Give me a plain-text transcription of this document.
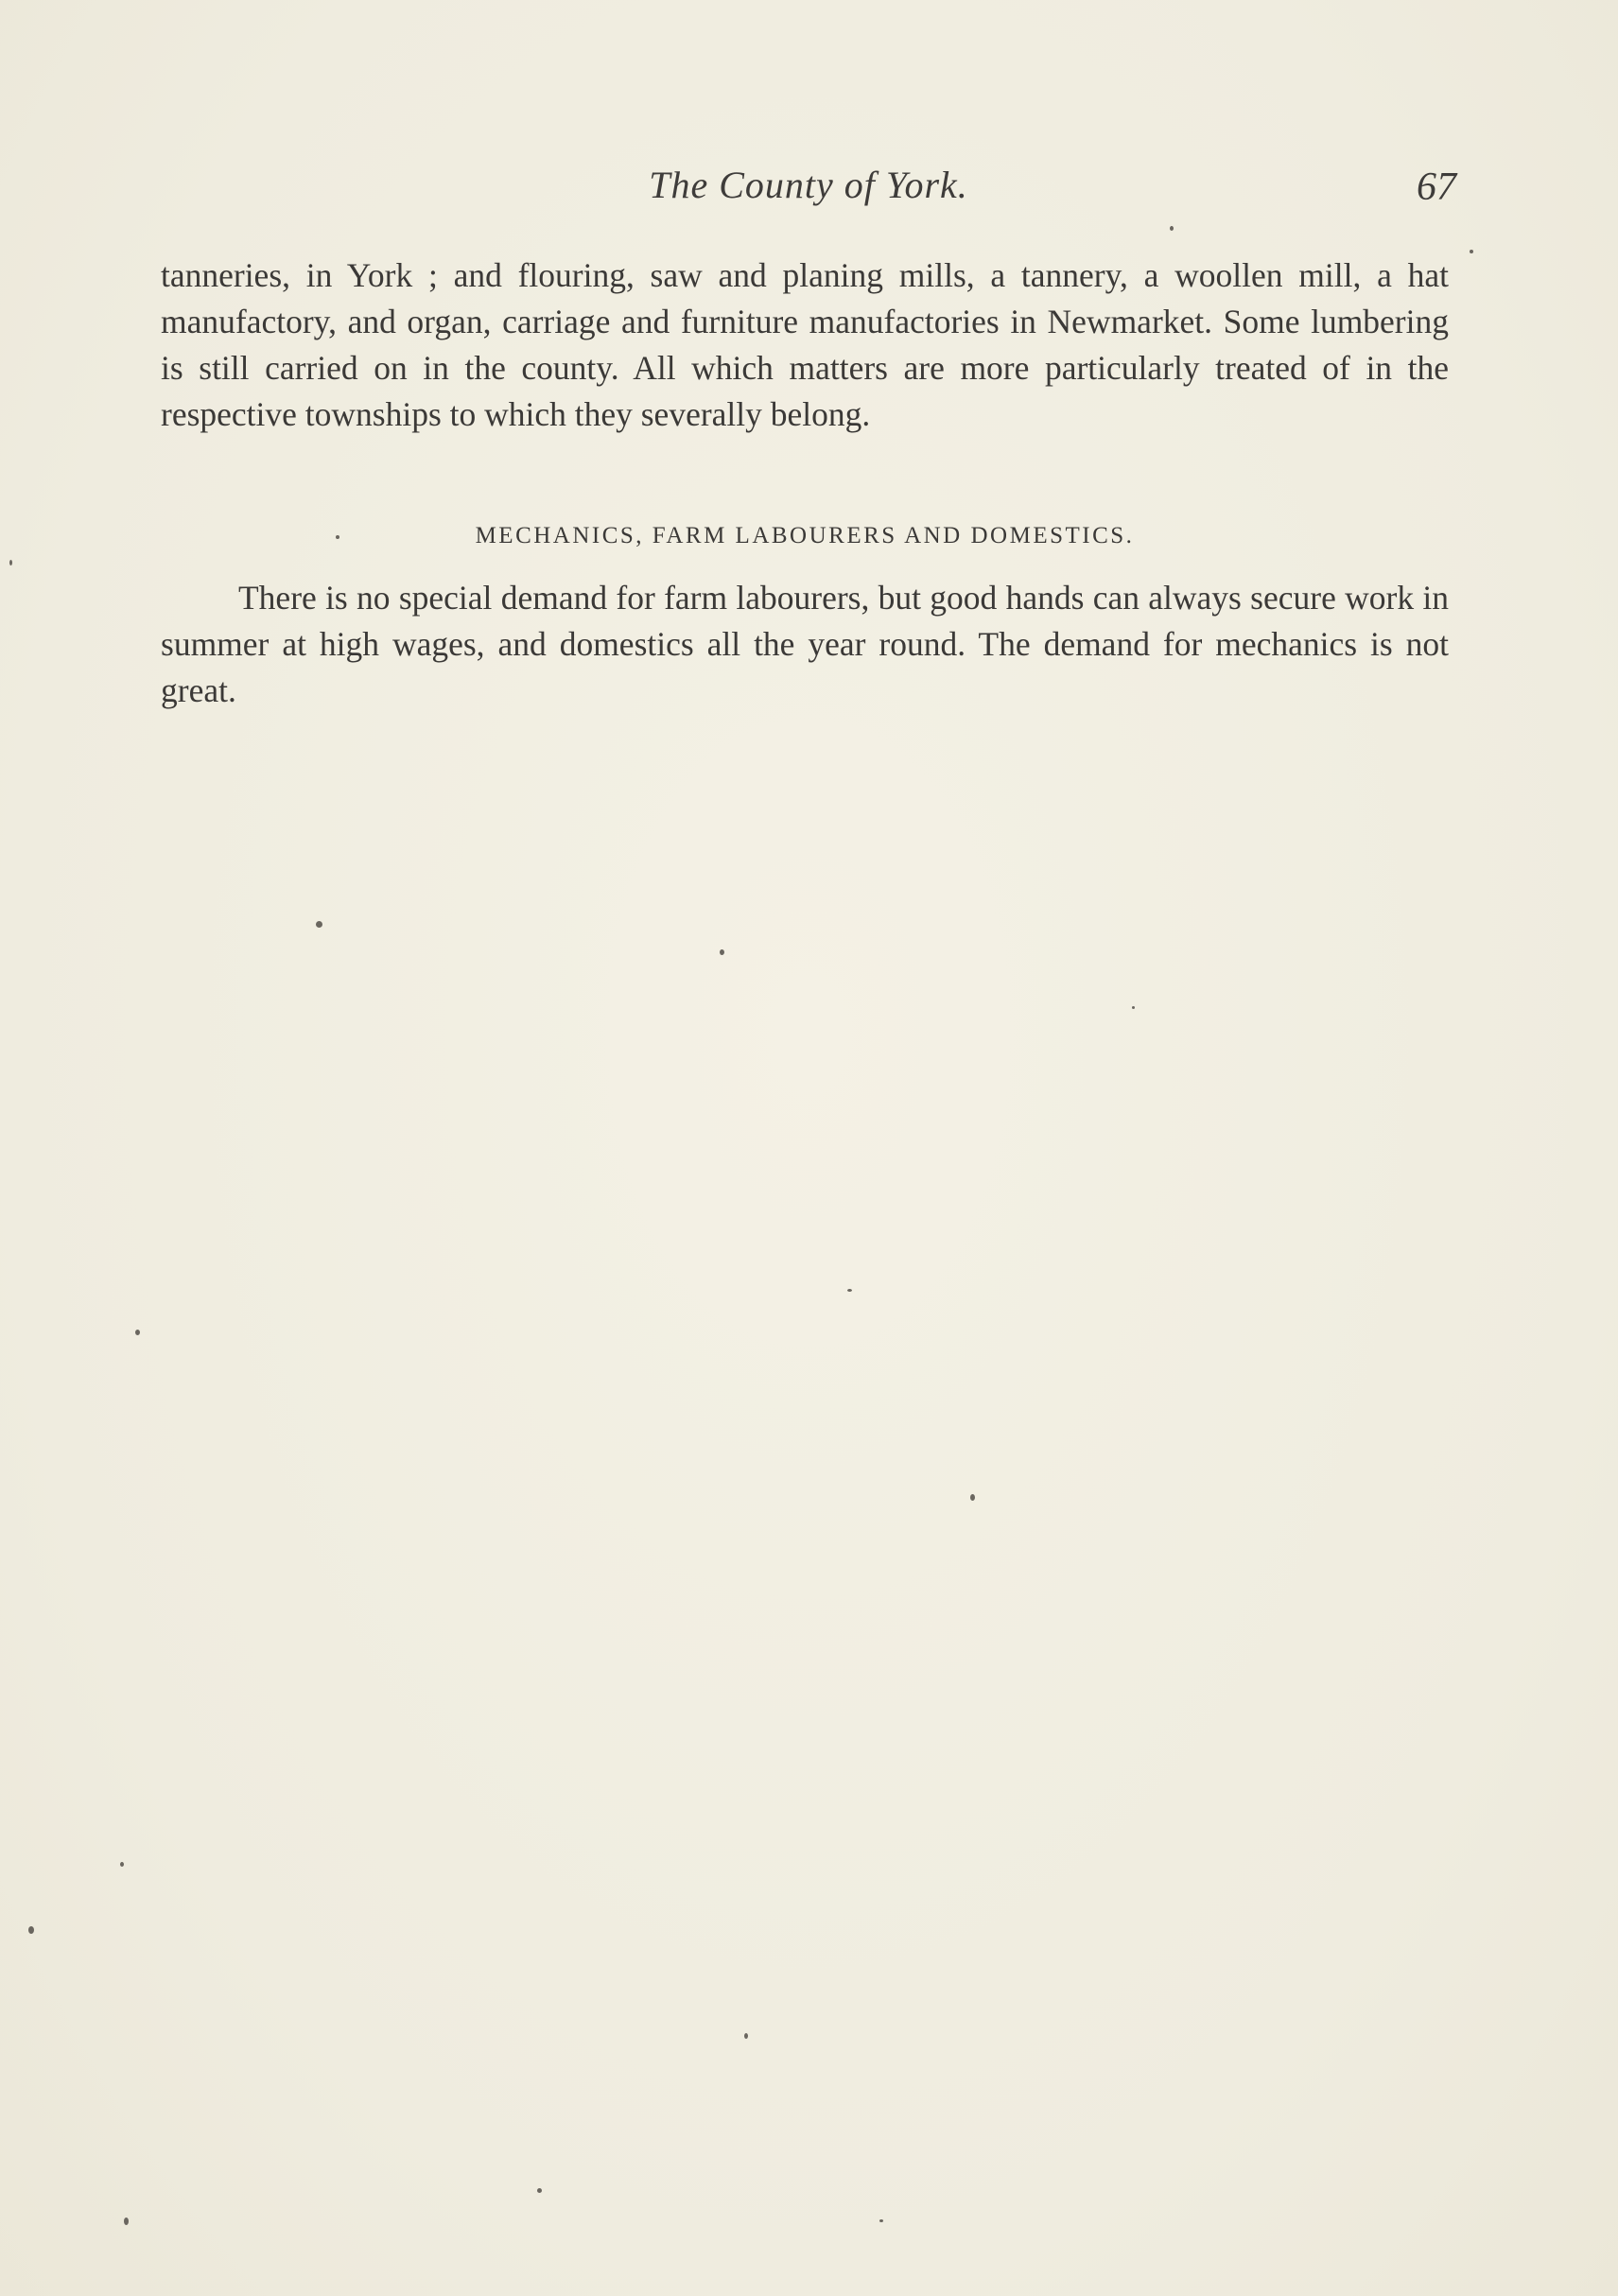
The County of York.	67

tanneries, in York ; and flouring, saw and planing mills, a tannery, a woollen mill, a hat manufactory, and organ, carriage and furniture manufactories in Newmarket. Some lumbering is still carried on in the county. All which matters are more particularly treated of in the respective townships to which they severally belong.

MECHANICS, FARM LABOURERS AND DOMESTICS.

There is no special demand for farm labourers, but good hands can always secure work in summer at high wages, and domestics all the year round. The demand for mechanics is not great.
